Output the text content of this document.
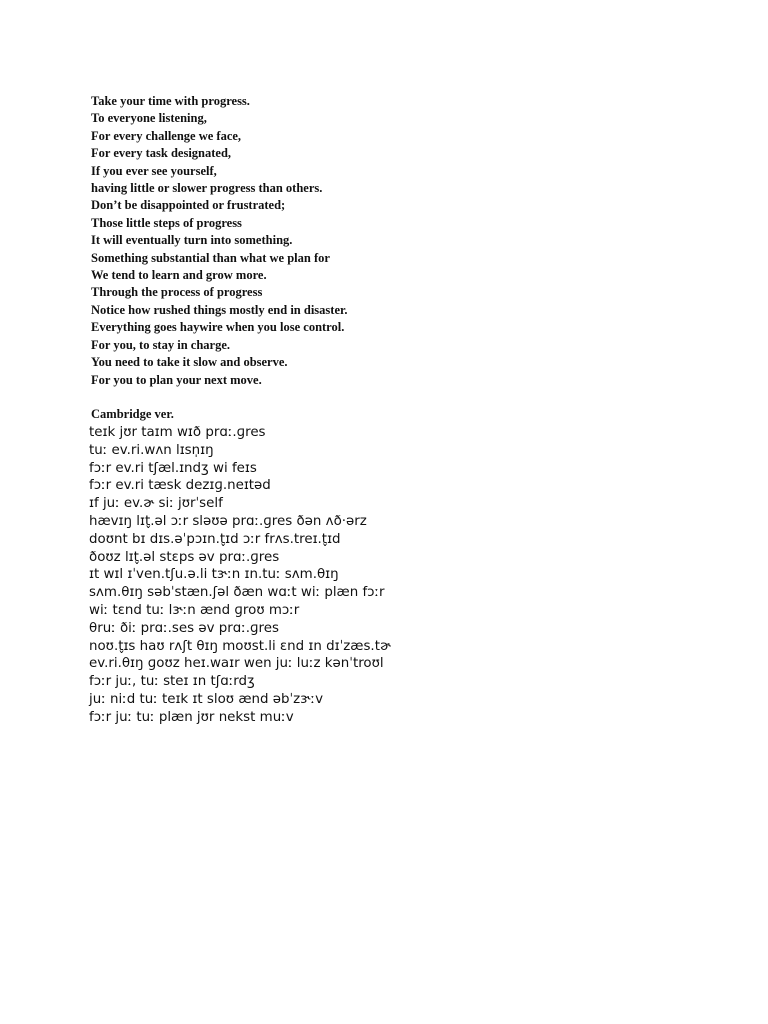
Take your time with progress.
To everyone listening,
For every challenge we face,
For every task designated,
If you ever see yourself,
having little or slower progress than others.
Don’t be disappointed or frustrated;
Those little steps of progress
It will eventually turn into something.
Something substantial than what we plan for
We tend to learn and grow more.
Through the process of progress
Notice how rushed things mostly end in disaster.
Everything goes haywire when you lose control.
For you, to stay in charge.
You need to take it slow and observe.
For you to plan your next move.
Cambridge ver.
teɪk jʊr taɪm wɪð prɑː.ɡres
tuː ev.ri.wʌn lɪsn̩ɪŋ
fɔːr ev.ri tʃæl.ɪndʒ wi feɪs
fɔːr ev.ri tæsk dezɪɡ.neɪtəd
ɪf juː ev.ɚ siː jʊrˈself
hævɪŋ lɪt̬.əl ɔːr sləʊə prɑː.ɡres ðən ʌð·ərz
doʊnt bɪ dɪs.əˈpɔɪn.t̬ɪd ɔːr frʌs.treɪ.t̬ɪd
ðoʊz lɪt̬.əl stɛps əv prɑː.ɡres
ɪt wɪl ɪˈven.tʃu.ə.li tɝːn ɪn.tuː sʌm.θɪŋ
sʌm.θɪŋ səbˈstæn.ʃəl ðæn wɑːt wiː plæn fɔːr
wiː tɛnd tuː lɝːn ænd ɡroʊ mɔːr
θruː ðiː prɑː.ses əv prɑː.ɡres
noʊ.t̬ɪs haʊ rʌʃt θɪŋ moʊst.li ɛnd ɪn dɪˈzæs.tɚ
ev.ri.θɪŋ ɡoʊz heɪ.waɪr wen juː luːz kənˈtroʊl
fɔːr juː, tuː steɪ ɪn tʃɑːrdʒ
juː niːd tuː teɪk ɪt sloʊ ænd əbˈzɝːv
fɔːr juː tuː plæn jʊr nekst muːv
